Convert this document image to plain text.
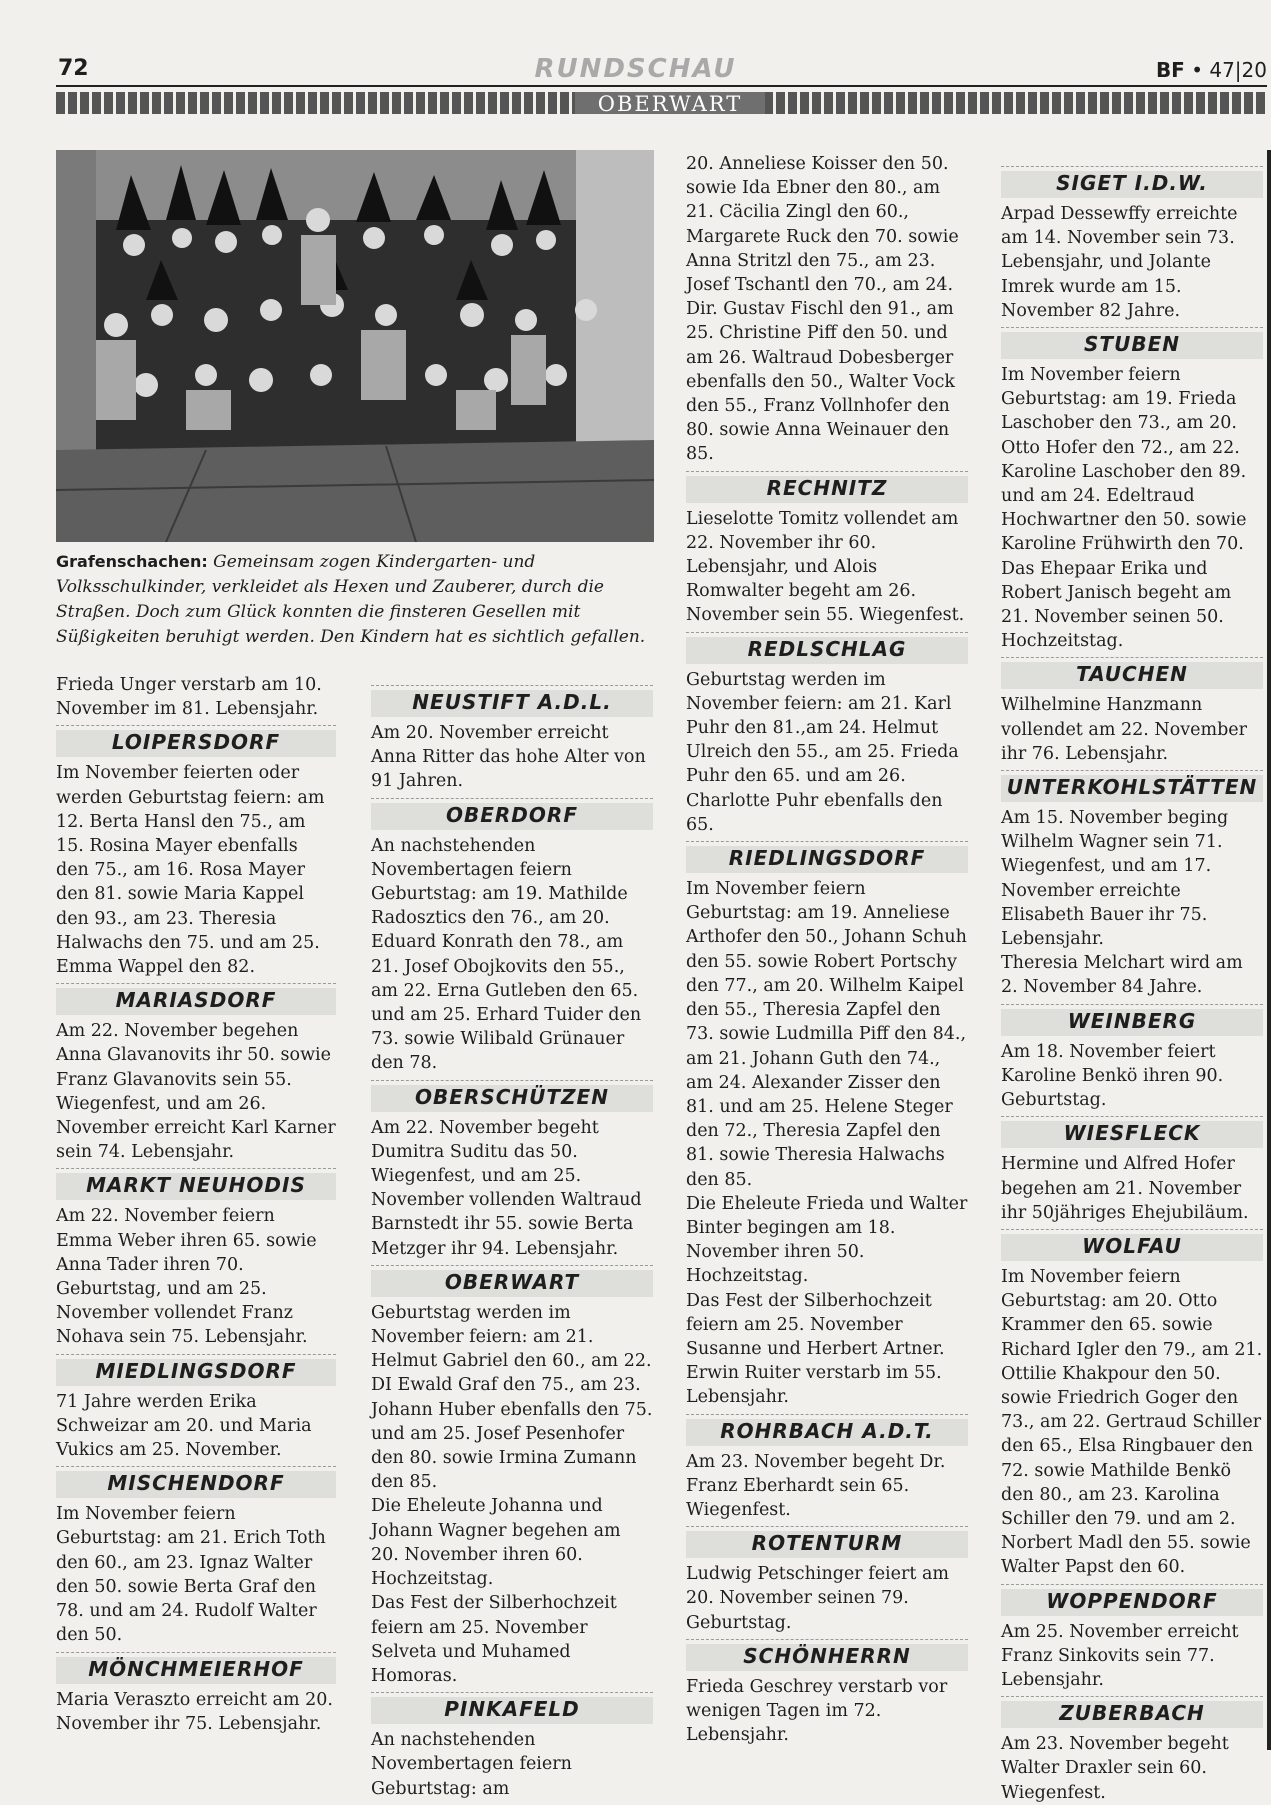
72	RUNDSCHAU	BF • 47|20
OBERWART
Grafenschachen: Gemeinsam zogen Kindergarten- und Volksschulkinder, verkleidet als Hexen und Zauberer, durch die Straßen. Doch zum Glück konnten die finsteren Gesellen mit Süßigkeiten beruhigt werden. Den Kindern hat es sichtlich gefallen.

Frieda Unger verstarb am 10. November im 81. Lebensjahr.

LOIPERSDORF

Im November feierten oder werden Geburtstag feiern: am 12. Berta Hansl den 75., am 15. Rosina Mayer ebenfalls den 75., am 16. Rosa Mayer den 81. sowie Maria Kappel den 93., am 23. Theresia Halwachs den 75. und am 25. Emma Wappel den 82.

MARIASDORF

Am 22. November begehen Anna Glavanovits ihr 50. sowie Franz Glavanovits sein 55. Wiegenfest, und am 26. November erreicht Karl Karner sein 74. Lebensjahr.

MARKT NEUHODIS

Am 22. November feiern Emma Weber ihren 65. sowie Anna Tader ihren 70. Geburtstag, und am 25. November vollendet Franz Nohava sein 75. Lebensjahr.

MIEDLINGSDORF

71 Jahre werden Erika Schweizar am 20. und Maria Vukics am 25. November.

MISCHENDORF

Im November feiern Geburtstag: am 21. Erich Toth den 60., am 23. Ignaz Walter den 50. sowie Berta Graf den 78. und am 24. Rudolf Walter den 50.

MÖNCHMEIERHOF

Maria Veraszto erreicht am 20. November ihr 75. Lebensjahr.

NEUSTIFT A.D.L.

Am 20. November erreicht Anna Ritter das hohe Alter von 91 Jahren.

OBERDORF

An nachstehenden Novembertagen feiern Geburtstag: am 19. Mathilde Radosztics den 76., am 20. Eduard Konrath den 78., am 21. Josef Obojkovits den 55., am 22. Erna Gutleben den 65. und am 25. Erhard Tuider den 73. sowie Wilibald Grünauer den 78.

OBERSCHÜTZEN

Am 22. November begeht Dumitra Suditu das 50. Wiegenfest, und am 25. November vollenden Waltraud Barnstedt ihr 55. sowie Berta Metzger ihr 94. Lebensjahr.

OBERWART

Geburtstag werden im November feiern: am 21. Helmut Gabriel den 60., am 22. DI Ewald Graf den 75., am 23. Johann Huber ebenfalls den 75. und am 25. Josef Pesenhofer den 80. sowie Irmina Zumann den 85.

Die Eheleute Johanna und Johann Wagner begehen am 20. November ihren 60. Hochzeitstag.

Das Fest der Silberhochzeit feiern am 25. November Selveta und Muhamed Homoras.

PINKAFELD

An nachstehenden Novembertagen feiern Geburtstag: am

20. Anneliese Koisser den 50. sowie Ida Ebner den 80., am 21. Cäcilia Zingl den 60., Margarete Ruck den 70. sowie Anna Stritzl den 75., am 23. Josef Tschantl den 70., am 24. Dir. Gustav Fischl den 91., am 25. Christine Piff den 50. und am 26. Waltraud Dobesberger ebenfalls den 50., Walter Vock den 55., Franz Vollnhofer den 80. sowie Anna Weinauer den 85.

RECHNITZ

Lieselotte Tomitz vollendet am 22. November ihr 60. Lebensjahr, und Alois Romwalter begeht am 26. November sein 55. Wiegenfest.

REDLSCHLAG

Geburtstag werden im November feiern: am 21. Karl Puhr den 81.,am 24. Helmut Ulreich den 55., am 25. Frieda Puhr den 65. und am 26. Charlotte Puhr ebenfalls den 65.

RIEDLINGSDORF

Im November feiern Geburtstag: am 19. Anneliese Arthofer den 50., Johann Schuh den 55. sowie Robert Portschy den 77., am 20. Wilhelm Kaipel den 55., Theresia Zapfel den 73. sowie Ludmilla Piff den 84., am 21. Johann Guth den 74., am 24. Alexander Zisser den 81. und am 25. Helene Steger den 72., Theresia Zapfel den 81. sowie Theresia Halwachs den 85.

Die Eheleute Frieda und Walter Binter begingen am 18. November ihren 50. Hochzeitstag.

Das Fest der Silberhochzeit feiern am 25. November Susanne und Herbert Artner.

Erwin Ruiter verstarb im 55. Lebensjahr.

ROHRBACH A.D.T.

Am 23. November begeht Dr. Franz Eberhardt sein 65. Wiegenfest.

ROTENTURM

Ludwig Petschinger feiert am 20. November seinen 79. Geburtstag.

SCHÖNHERRN

Frieda Geschrey verstarb vor wenigen Tagen im 72. Lebensjahr.

SIGET I.D.W.

Arpad Dessewffy erreichte am 14. November sein 73. Lebensjahr, und Jolante Imrek wurde am 15. November 82 Jahre.

STUBEN

Im November feiern Geburtstag: am 19. Frieda Laschober den 73., am 20. Otto Hofer den 72., am 22. Karoline Laschober den 89. und am 24. Edeltraud Hochwartner den 50. sowie Karoline Frühwirth den 70.

Das Ehepaar Erika und Robert Janisch begeht am 21. November seinen 50. Hochzeitstag.

TAUCHEN

Wilhelmine Hanzmann vollendet am 22. November ihr 76. Lebensjahr.

UNTERKOHLSTÄTTEN

Am 15. November beging Wilhelm Wagner sein 71. Wiegenfest, und am 17. November erreichte Elisabeth Bauer ihr 75. Lebensjahr.

Theresia Melchart wird am 2. November 84 Jahre.

WEINBERG

Am 18. November feiert Karoline Benkö ihren 90. Geburtstag.

WIESFLECK

Hermine und Alfred Hofer begehen am 21. November ihr 50jähriges Ehejubiläum.

WOLFAU

Im November feiern Geburtstag: am 20. Otto Krammer den 65. sowie Richard Igler den 79., am 21. Ottilie Khakpour den 50. sowie Friedrich Goger den 73., am 22. Gertraud Schiller den 65., Elsa Ringbauer den 72. sowie Mathilde Benkö den 80., am 23. Karolina Schiller den 79. und am 2. Norbert Madl den 55. sowie Walter Papst den 60.

WOPPENDORF

Am 25. November erreicht Franz Sinkovits sein 77. Lebensjahr.

ZUBERBACH

Am 23. November begeht Walter Draxler sein 60. Wiegenfest.
